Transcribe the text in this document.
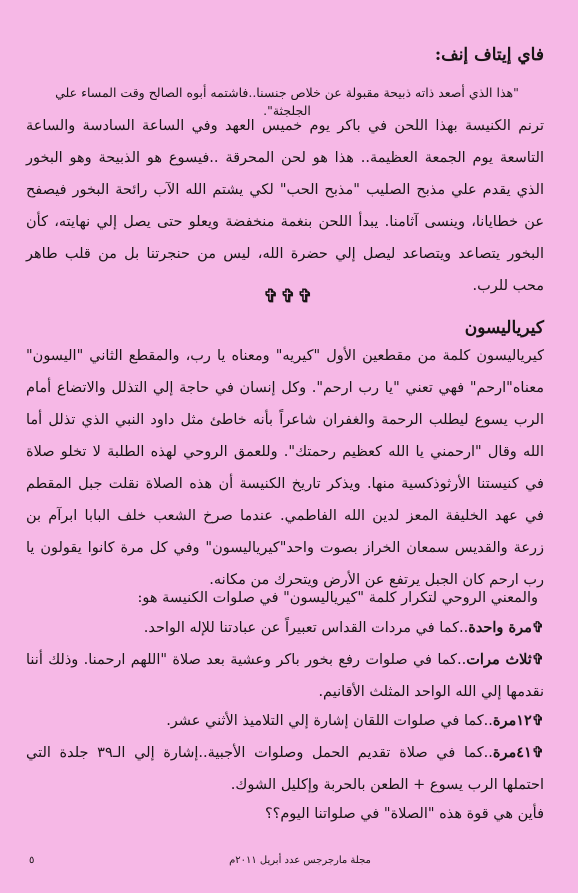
فاي إيتاف إنف:

"هذا الذي أصعد ذاته ذبيحة مقبولة عن خلاص جنسنا..فاشتمه أبوه الصالح وقت المساء علي الجلجثة".

ترنم الكنيسة بهذا اللحن في باكر يوم خميس العهد وفي الساعة السادسة والساعة التاسعة يوم الجمعة العظيمة.. هذا هو لحن المحرقة ..فيسوع هو الذبيحة وهو البخور الذي يقدم علي مذبح الصليب "مذبح الحب" لكي يشتم الله الآب رائحة البخور فيصفح عن خطايانا، وينسى آثامنا. يبدأ اللحن بنغمة منخفضة ويعلو حتى يصل إلي نهايته، كأن البخور يتصاعد ويتصاعد ليصل إلي حضرة الله، ليس من حنجرتنا بل من قلب طاهر محب للرب.

✞✞✞
كيرياليسون

كيرياليسون كلمة من مقطعين الأول "كيريه" ومعناه يا رب، والمقطع الثاني "اليسون" معناه"ارحم" فهي تعني "يا رب ارحم". وكل إنسان في حاجة إلي التذلل والاتضاع أمام الرب يسوع ليطلب الرحمة والغفران شاعراً بأنه خاطئ مثل داود النبي الذي تذلل أما الله وقال "ارحمني يا الله كعظيم رحمتك". وللعمق الروحي لهذه الطلبة لا تخلو صلاة في كنيستنا الأرثوذكسية منها. ويذكر تاريخ الكنيسة أن هذه الصلاة نقلت جبل المقطم في عهد الخليفة المعز لدين الله الفاطمي. عندما صرخ الشعب خلف البابا ابرآم بن زرعة والقديس سمعان الخراز بصوت واحد"كيرياليسون" وفي كل مرة كانوا يقولون يا رب ارحم كان الجبل يرتفع عن الأرض ويتحرك من مكانه.

والمعني الروحي لتكرار كلمة "كيرياليسون" في صلوات الكنيسة هو:

✞مرة واحدة..كما في مردات القداس تعبيراً عن عبادتنا للإله الواحد.

✞ثلاث مرات..كما في صلوات رفع بخور باكر وعشية بعد صلاة "اللهم ارحمنا. وذلك أننا نقدمها إلي الله الواحد المثلث الأقانيم.

✞١٢مرة..كما في صلوات اللقان إشارة إلي التلاميذ الأثني عشر.

✞٤١مرة..كما في صلاة تقديم الحمل وصلوات الأجبية..إشارة إلي الـ٣٩ جلدة التي احتملها الرب يسوع + الطعن بالحربة وإكليل الشوك.

فأين هي قوة هذه "الصلاة" في صلواتنا اليوم؟؟

مجلة مارجرجس عدد أبريل ٢٠١١م
٥
